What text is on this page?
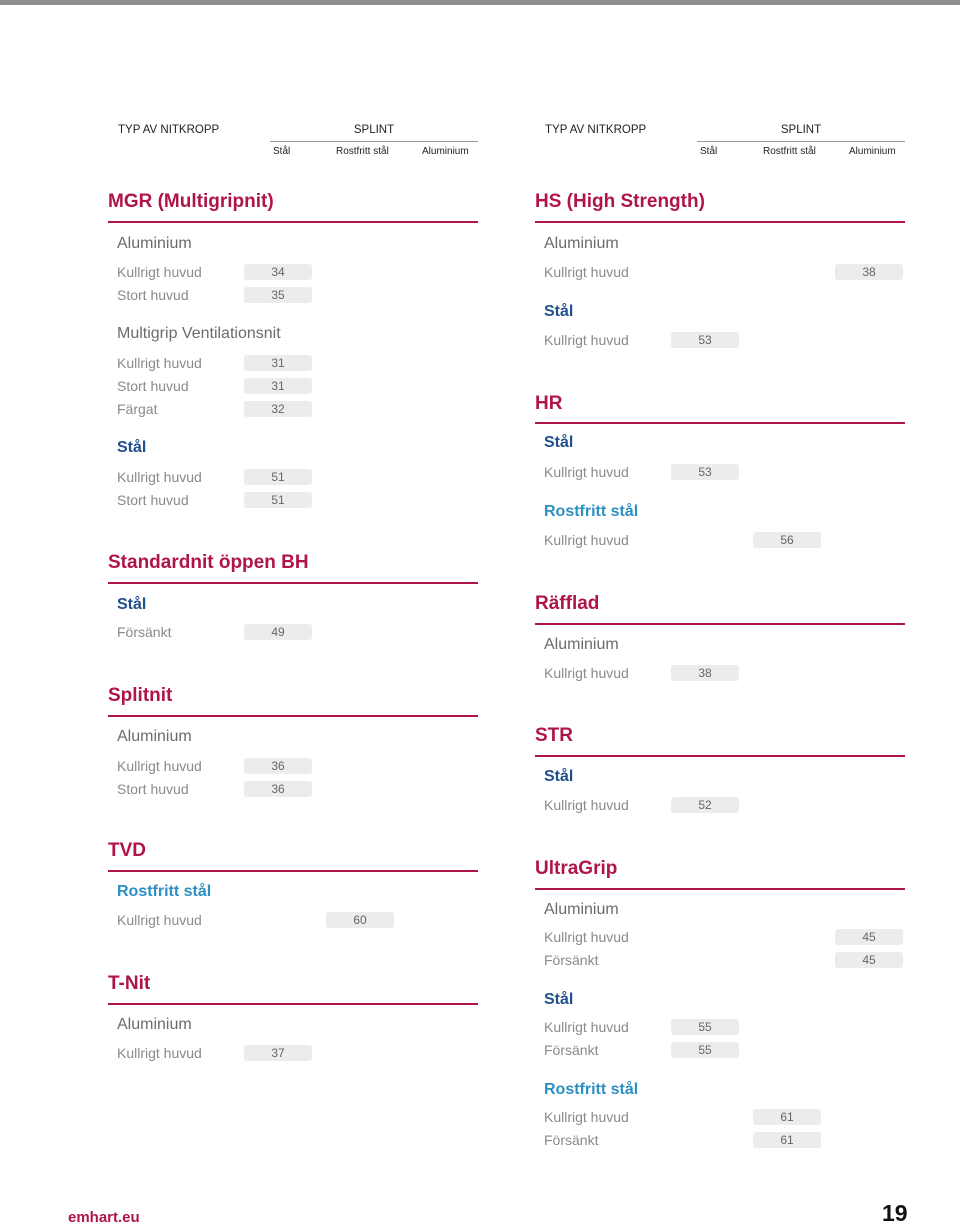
TYP AV NITKROPP	SPLINT
Stål	Rostfritt stål	Aluminium
MGR (Multigripnit)
Aluminium
Kullrigt huvud	34
Stort huvud	35
Multigrip Ventilationsnit
Kullrigt huvud	31
Stort huvud	31
Färgat	32
Stål
Kullrigt huvud	51
Stort huvud	51
Standardnit öppen BH
Stål
Försänkt	49
Splitnit
Aluminium
Kullrigt huvud	36
Stort huvud	36
TVD
Rostfritt stål
Kullrigt huvud	60
T-Nit
Aluminium
Kullrigt huvud	37
TYP AV NITKROPP	SPLINT
Stål	Rostfritt stål	Aluminium
HS (High Strength)
Aluminium
Kullrigt huvud	38
Stål
Kullrigt huvud	53
HR
Stål
Kullrigt huvud	53
Rostfritt stål
Kullrigt huvud	56
Räfflad
Aluminium
Kullrigt huvud	38
STR
Stål
Kullrigt huvud	52
UltraGrip
Aluminium
Kullrigt huvud	45
Försänkt	45
Stål
Kullrigt huvud	55
Försänkt	55
Rostfritt stål
Kullrigt huvud	61
Försänkt	61
emhart.eu	19
